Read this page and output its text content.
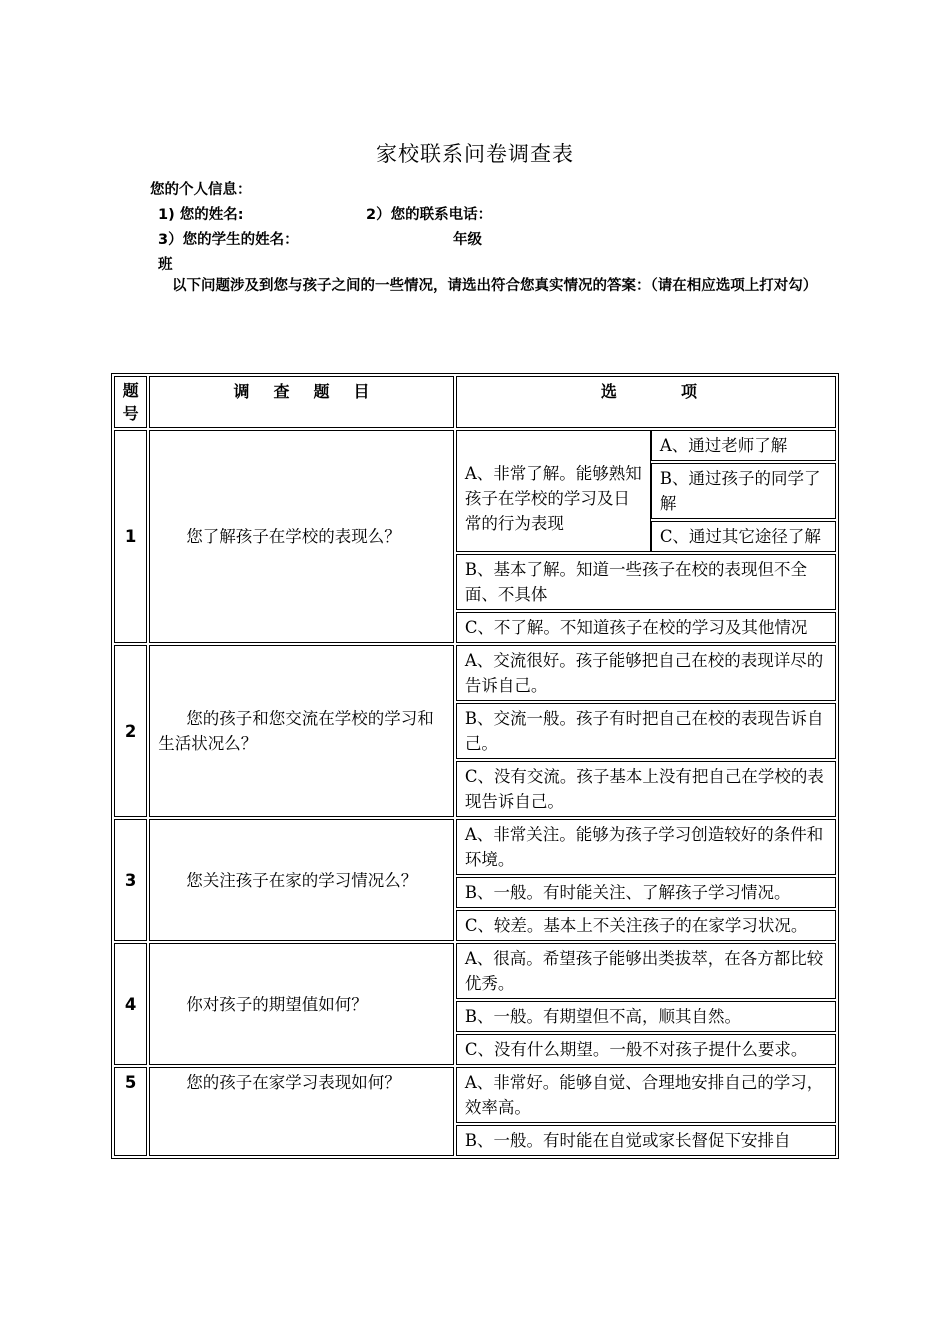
家校联系问卷调查表
您的个人信息：
1) 您的姓名:	2）您的联系电话：
3）您的学生的姓名：	年级
班
以下问题涉及到您与孩子之间的一些情况，请选出符合您真实情况的答案：（请在相应选项上打对勾）
题号	调 查 题 目	选	项

1	您了解孩子在学校的表现么？	
A、非常了解。能够熟知孩子在学校的学习及日常的行为表现	A、通过老师了解
B、通过孩子的同学了解
C、通过其它途径了解

B、基本了解。知道一些孩子在校的表现但不全面、不具体
C、不了解。不知道孩子在校的学习及其他情况
2	您的孩子和您交流在学校的学习和生活状况么？	A、交流很好。孩子能够把自己在校的表现详尽的告诉自己。
B、交流一般。孩子有时把自己在校的表现告诉自己。
C、没有交流。孩子基本上没有把自己在学校的表现告诉自己。
3	您关注孩子在家的学习情况么？	A、非常关注。能够为孩子学习创造较好的条件和环境。
B、一般。有时能关注、了解孩子学习情况。
C、较差。基本上不关注孩子的在家学习状况。
4	你对孩子的期望值如何？	A、很高。希望孩子能够出类拔萃，在各方都比较优秀。
B、一般。有期望但不高，顺其自然。
C、没有什么期望。一般不对孩子提什么要求。
5	您的孩子在家学习表现如何？	A、非常好。能够自觉、合理地安排自己的学习，效率高。
B、一般。有时能在自觉或家长督促下安排自
